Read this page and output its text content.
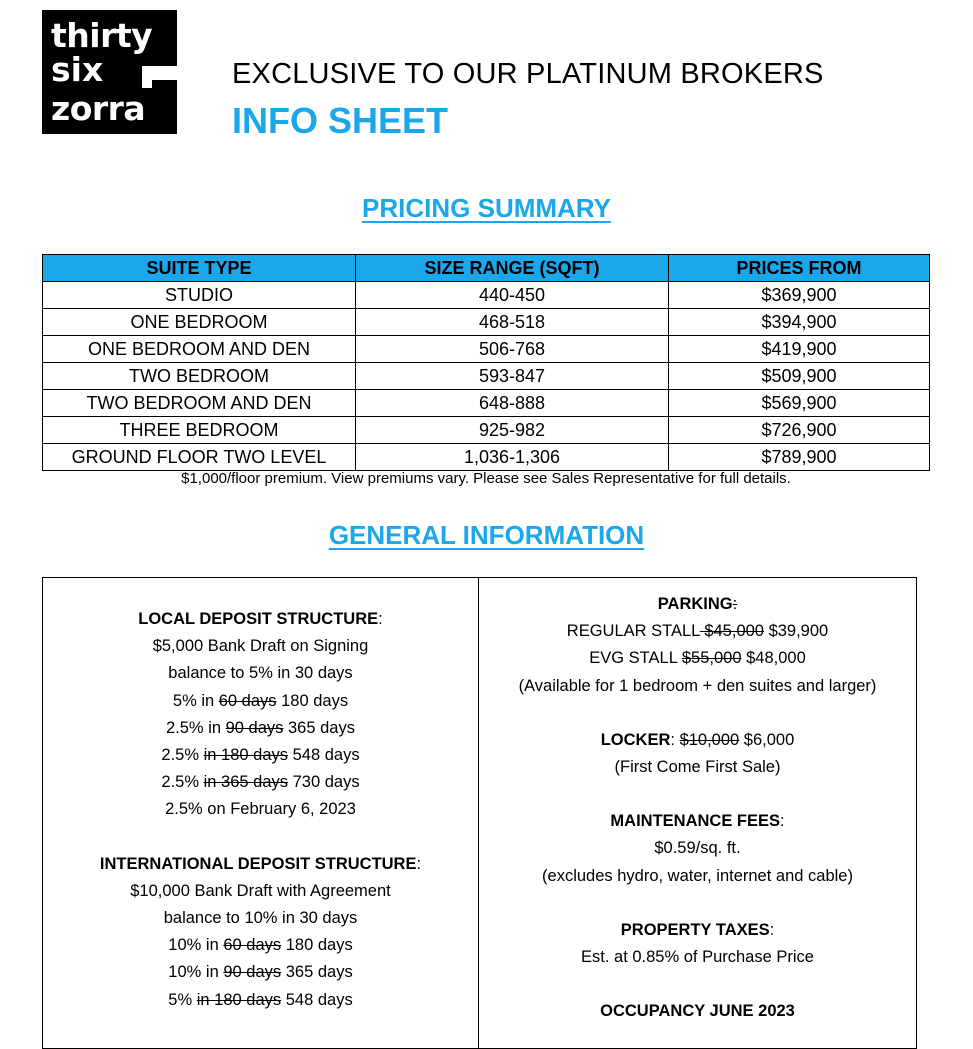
thirty
six
zorra
EXCLUSIVE TO OUR PLATINUM BROKERS
INFO SHEET
PRICING SUMMARY
SUITE TYPE	SIZE RANGE (SQFT)	PRICES FROM
STUDIO	440-450	$369,900
ONE BEDROOM	468-518	$394,900
ONE BEDROOM AND DEN	506-768	$419,900
TWO BEDROOM	593-847	$509,900
TWO BEDROOM AND DEN	648-888	$569,900
THREE BEDROOM	925-982	$726,900
GROUND FLOOR TWO LEVEL	1,036-1,306	$789,900
$1,000/floor premium. View premiums vary. Please see Sales Representative for full details.
GENERAL INFORMATION
LOCAL DEPOSIT STRUCTURE:
$5,000 Bank Draft on Signing
balance to 5% in 30 days
5% in 60 days 180 days
2.5% in 90 days 365 days
2.5% in 180 days 548 days
2.5% in 365 days 730 days
2.5% on February 6, 2023
INTERNATIONAL DEPOSIT STRUCTURE:
$10,000 Bank Draft with Agreement
balance to 10% in 30 days
10% in 60 days 180 days
10% in 90 days 365 days
5% in 180 days 548 days
PARKING:
REGULAR STALL $45,000 $39,900
EVG STALL $55,000 $48,000
(Available for 1 bedroom + den suites and larger)
LOCKER: $10,000 $6,000
(First Come First Sale)
MAINTENANCE FEES:
$0.59/sq. ft.
(excludes hydro, water, internet and cable)
PROPERTY TAXES:
Est. at 0.85% of Purchase Price
OCCUPANCY JUNE 2023
